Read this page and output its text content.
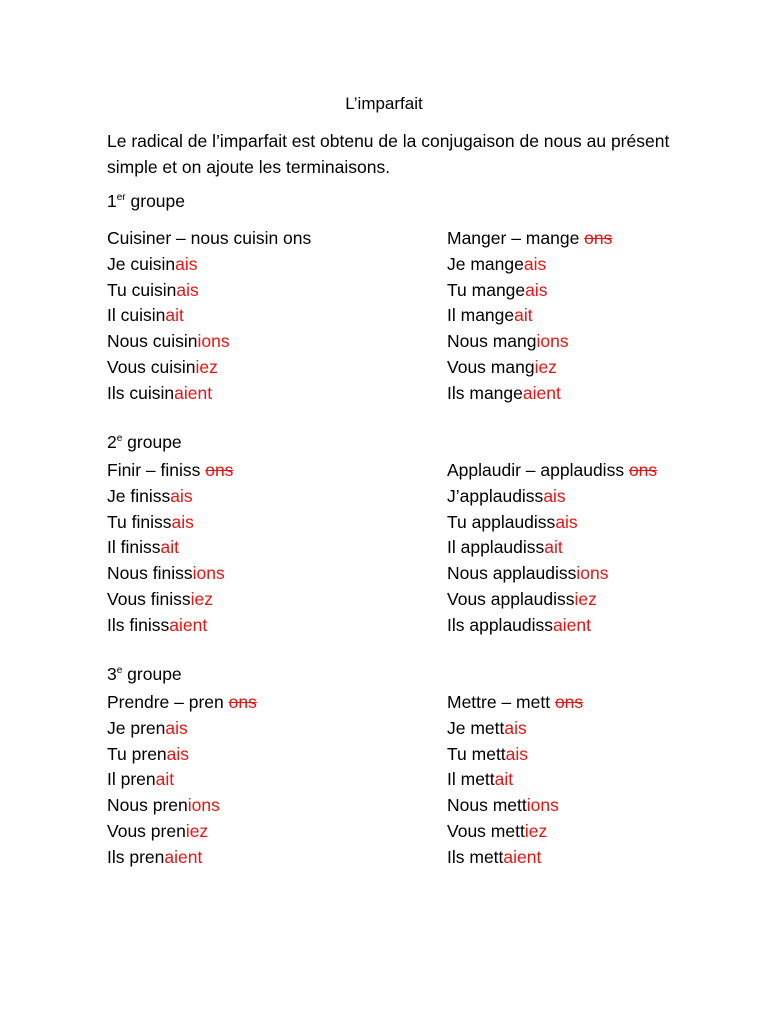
L’imparfait
Le radical de l’imparfait est obtenu de la conjugaison de nous au présent simple et on ajoute les terminaisons.
1er groupe
Cuisiner – nous cuisin ons
Je cuisinais
Tu cuisinais
Il cuisinait
Nous cuisinions
Vous cuisiniez
Ils cuisinaient
Manger – mange ons
Je mangeais
Tu mangeais
Il mangeait
Nous mangions
Vous mangiez
Ils mangeaient
2e groupe
Finir – finiss ons
Je finissais
Tu finissais
Il finissait
Nous finissions
Vous finissiez
Ils finissaient
Applaudir – applaudiss ons
J’applaudissais
Tu applaudissais
Il applaudissait
Nous applaudissions
Vous applaudissiez
Ils applaudissaient
3e groupe
Prendre – pren ons
Je prenais
Tu prenais
Il prenait
Nous prenions
Vous preniez
Ils prenaient
Mettre – mett ons
Je mettais
Tu mettais
Il mettait
Nous mettions
Vous mettiez
Ils mettaient
